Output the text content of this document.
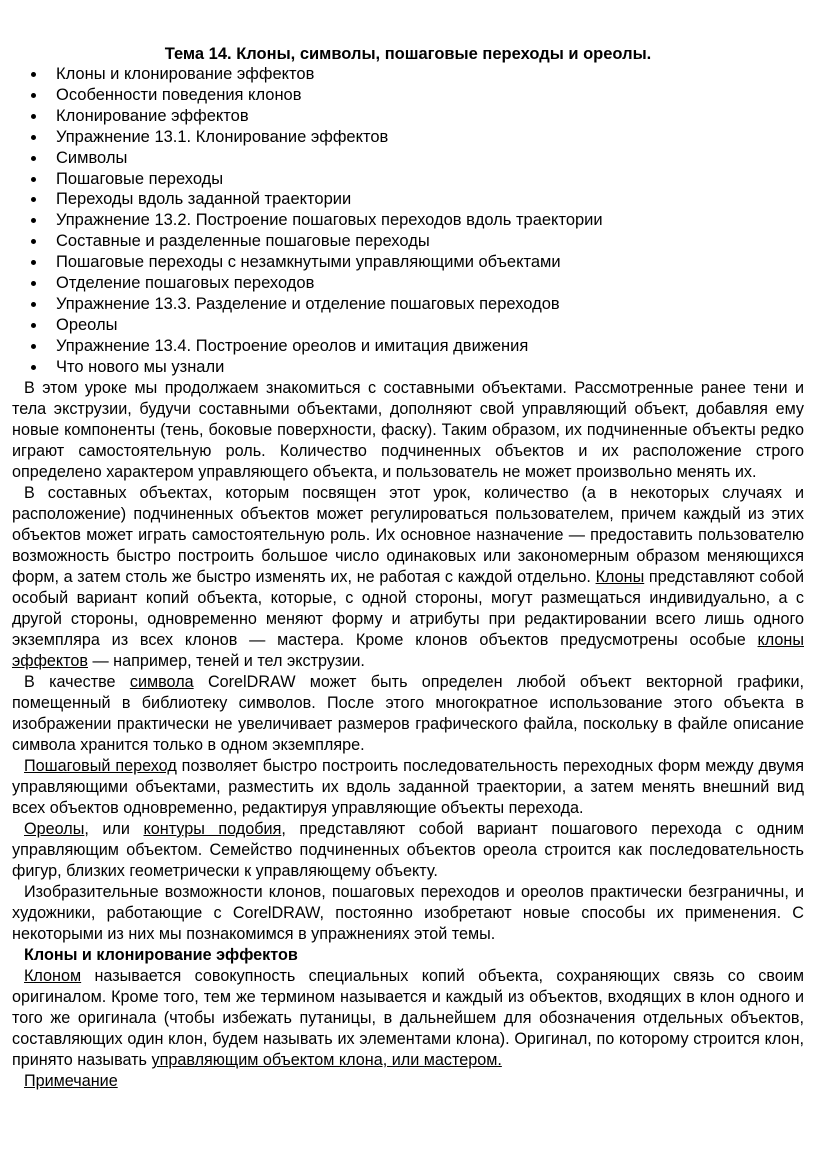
Тема 14. Клоны, символы, пошаговые переходы и ореолы.
Клоны и клонирование эффектов
Особенности поведения клонов
Клонирование эффектов
Упражнение 13.1. Клонирование эффектов
Символы
Пошаговые переходы
Переходы вдоль заданной траектории
Упражнение 13.2. Построение пошаговых переходов вдоль траектории
Составные и разделенные пошаговые переходы
Пошаговые переходы с незамкнутыми управляющими объектами
Отделение пошаговых переходов
Упражнение 13.3. Разделение и отделение пошаговых переходов
Ореолы
Упражнение 13.4. Построение ореолов и имитация движения
Что нового мы узнали

В этом уроке мы продолжаем знакомиться с составными объектами. Рассмотренные ранее тени и тела экструзии, будучи составными объектами, дополняют свой управляющий объект, добавляя ему новые компоненты (тень, боковые поверхности, фаску). Таким образом, их подчиненные объекты редко играют самостоятельную роль. Количество подчиненных объектов и их расположение строго определено характером управляющего объекта, и пользователь не может произвольно менять их.

В составных объектах, которым посвящен этот урок, количество (а в некоторых случаях и расположение) подчиненных объектов может регулироваться пользователем, причем каждый из этих объектов может играть самостоятельную роль. Их основное назначение — предоставить пользователю возможность быстро построить большое число одинаковых или закономерным образом меняющихся форм, а затем столь же быстро изменять их, не работая с каждой отдельно. Клоны представляют собой особый вариант копий объекта, которые, с одной стороны, могут размещаться индивидуально, а с другой стороны, одновременно меняют форму и атрибуты при редактировании всего лишь одного экземпляра из всех клонов — мастера. Кроме клонов объектов предусмотрены особые клоны эффектов — например, теней и тел экструзии.

В качестве символа CorelDRAW может быть определен любой объект векторной графики, помещенный в библиотеку символов. После этого многократное использование этого объекта в изображении практически не увеличивает размеров графического файла, поскольку в файле описание символа хранится только в одном экземпляре.

Пошаговый переход позволяет быстро построить последовательность переходных форм между двумя управляющими объектами, разместить их вдоль заданной траектории, а затем менять внешний вид всех объектов одновременно, редактируя управляющие объекты перехода.

Ореолы, или контуры подобия, представляют собой вариант пошагового перехода с одним управляющим объектом. Семейство подчиненных объектов ореола строится как последовательность фигур, близких геометрически к управляющему объекту.

Изобразительные возможности клонов, пошаговых переходов и ореолов практически безграничны, и художники, работающие с CorelDRAW, постоянно изобретают новые способы их применения. С некоторыми из них мы познакомимся в упражнениях этой темы.

Клоны и клонирование эффектов

Клоном называется совокупность специальных копий объекта, сохраняющих связь со своим оригиналом. Кроме того, тем же термином называется и каждый из объектов, входящих в клон одного и того же оригинала (чтобы избежать путаницы, в дальнейшем для обозначения отдельных объектов, составляющих один клон, будем называть их элементами клона). Оригинал, по которому строится клон, принято называть управляющим объектом клона, или мастером.

Примечание
